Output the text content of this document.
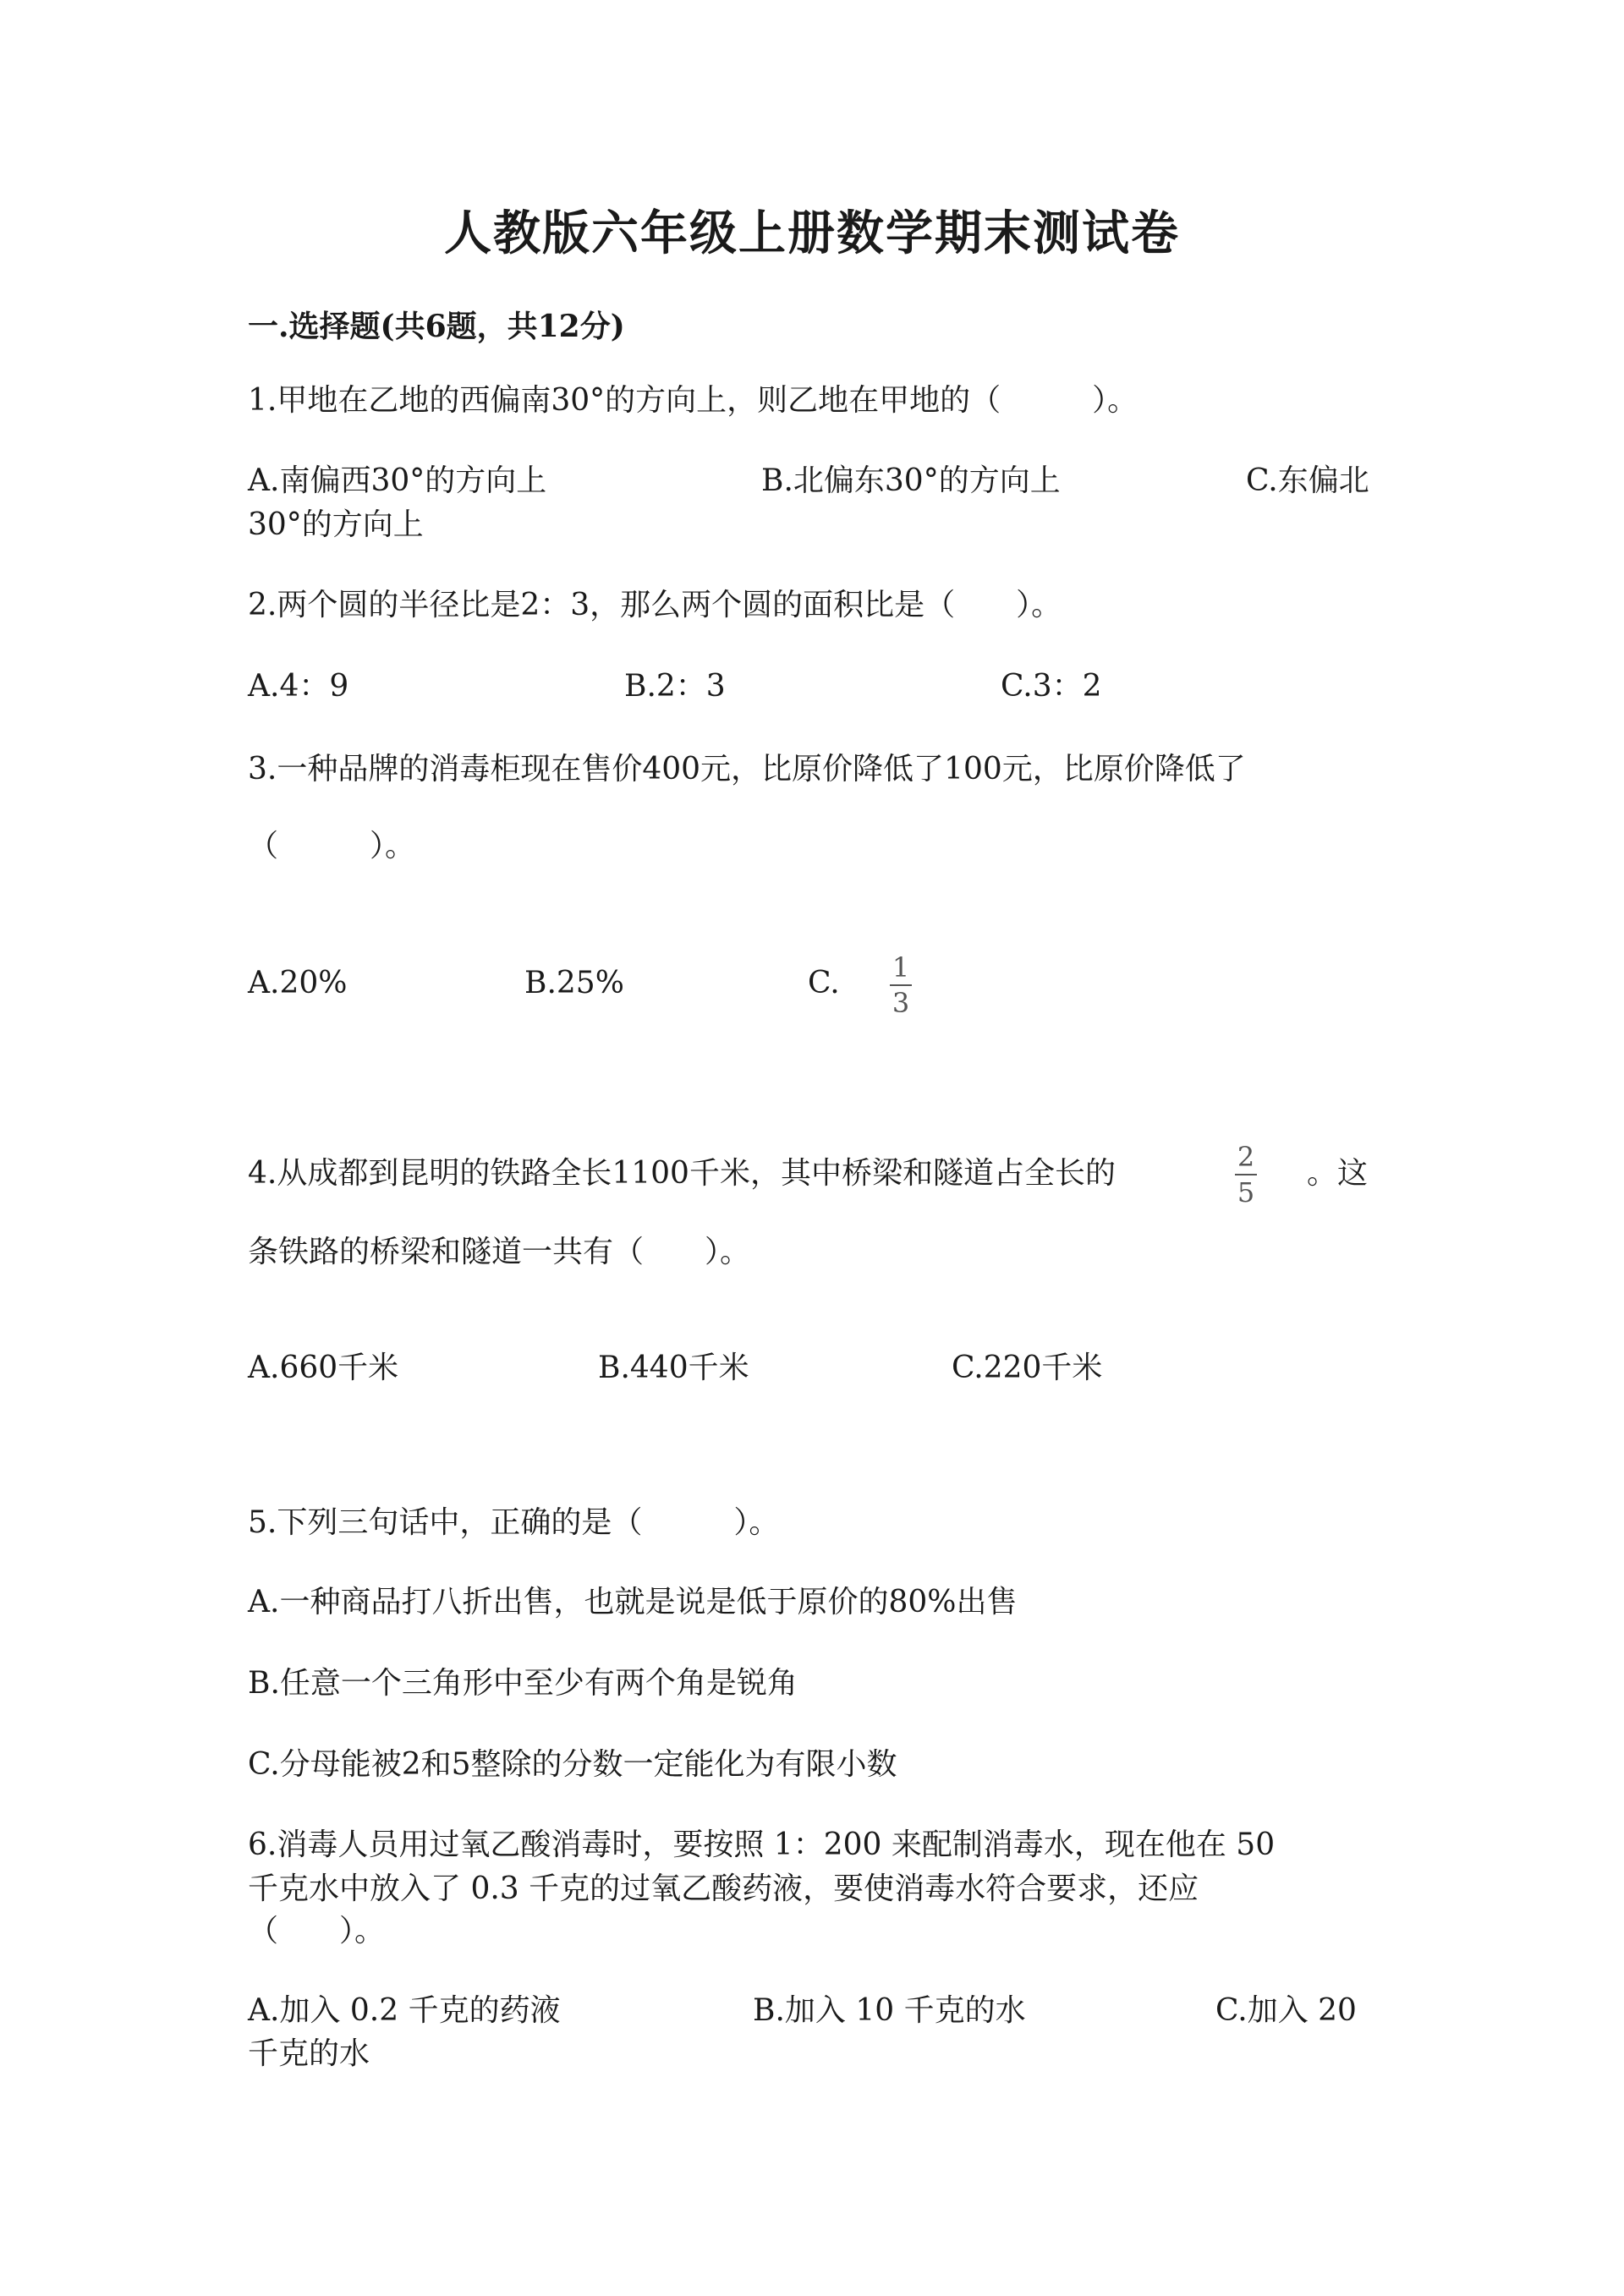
人教版六年级上册数学期末测试卷
一.选择题(共6题，共12分)
1.甲地在乙地的西偏南30°的方向上，则乙地在甲地的（　　　）。
A.南偏西30°的方向上	B.北偏东30°的方向上	C.东偏北
30°的方向上
2.两个圆的半径比是2：3，那么两个圆的面积比是（　　）。
A.4：9	B.2：3	C.3：2
3.一种品牌的消毒柜现在售价400元，比原价降低了100元，比原价降低了
（　　　）。
A.20%	B.25%	C. 1
3
4.从成都到昆明的铁路全长1100千米，其中桥梁和隧道占全长的	2
5
。这
条铁路的桥梁和隧道一共有（　　）。
A.660千米	B.440千米	C.220千米
5.下列三句话中，正确的是（　　　）。
A.一种商品打八折出售，也就是说是低于原价的80%出售
B.任意一个三角形中至少有两个角是锐角
C.分母能被2和5整除的分数一定能化为有限小数
6.消毒人员用过氧乙酸消毒时，要按照 1：200 来配制消毒水，现在他在 50
千克水中放入了 0.3 千克的过氧乙酸药液，要使消毒水符合要求，还应
（　　）。
A.加入 0.2 千克的药液	B.加入 10 千克的水	C.加入 20
千克的水
